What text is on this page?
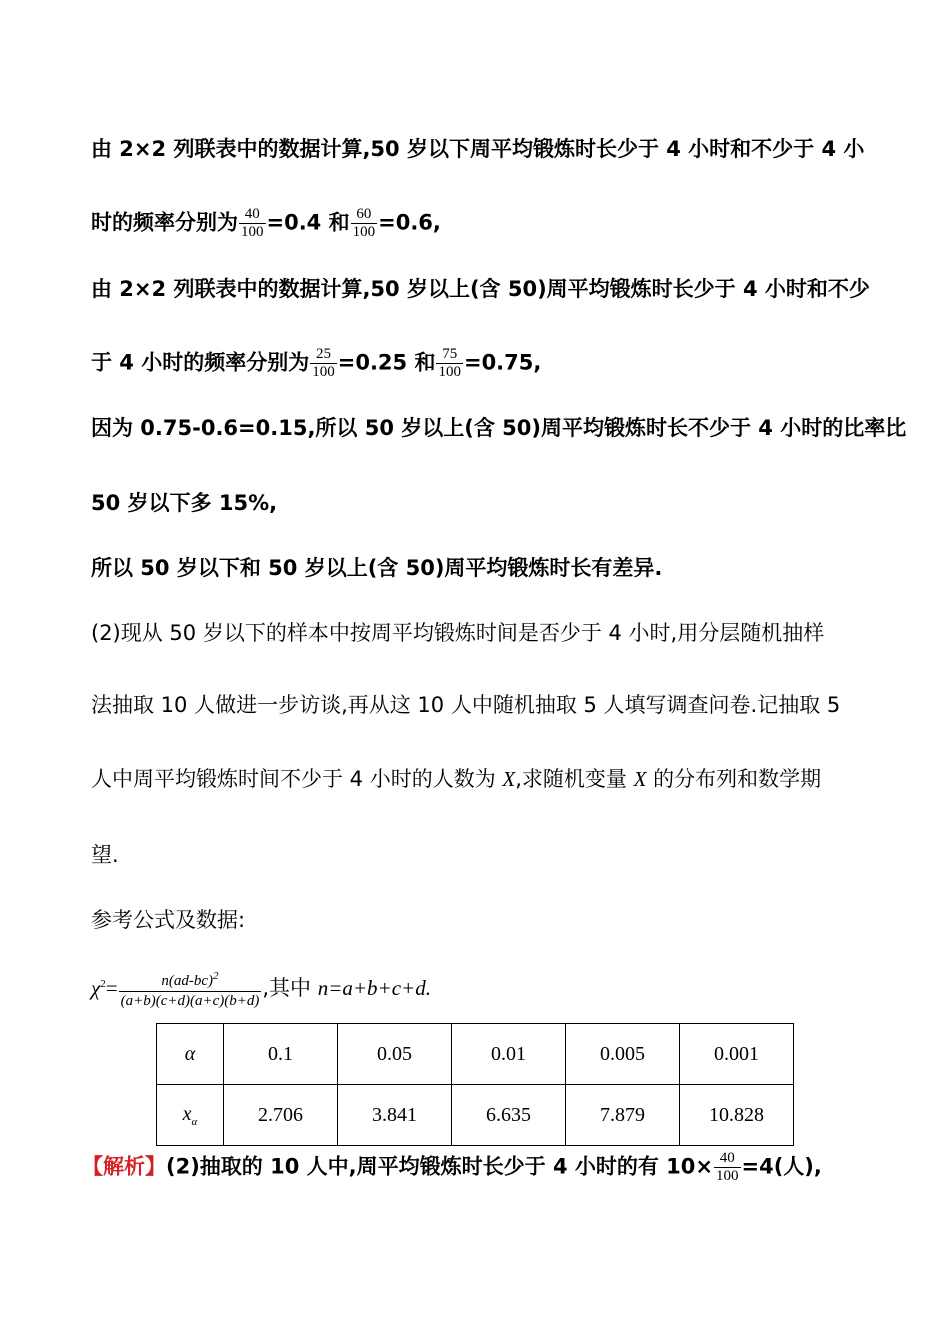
由 2×2 列联表中的数据计算,50 岁以下周平均锻炼时长少于 4 小时和不少于 4 小
时的频率分别为 $\frac{40}{100} =0.4$ 和 $\frac{60}{100} =0.6$,
由 2×2 列联表中的数据计算,50 岁以上(含 50)周平均锻炼时长少于 4 小时和不少
于 4 小时的频率分别为 $\frac{25}{100} =0.25$ 和 $\frac{75}{100} =0.75$,
因为 0.75-0.6=0.15,所以 50 岁以上(含 50)周平均锻炼时长不少于 4 小时的比率比
50 岁以下多 15%,
所以 50 岁以下和 50 岁以上(含 50)周平均锻炼时长有差异.
(2)现从 50 岁以下的样本中按周平均锻炼时间是否少于 4 小时,用分层随机抽样
法抽取 10 人做进一步访谈,再从这 10 人中随机抽取 5 人填写调查问卷.记抽取 5
人中周平均锻炼时间不少于 4 小时的人数为 X,求随机变量 X 的分布列和数学期
望.
参考公式及数据:
$\chi^2= \frac{n(ad-bc)^2}{(a+b)(c+d)(a+c)(b+d)}$ ,其中 n=a+b+c+d.
α	0.1	0.05	0.01	0.005	0.001
$x_\alpha$	2.706	3.841	6.635	7.879	10.828
【解析】(2)抽取的 10 人中,周平均锻炼时长少于 4 小时的有 $10\times \frac{40}{100} =4$(人),
